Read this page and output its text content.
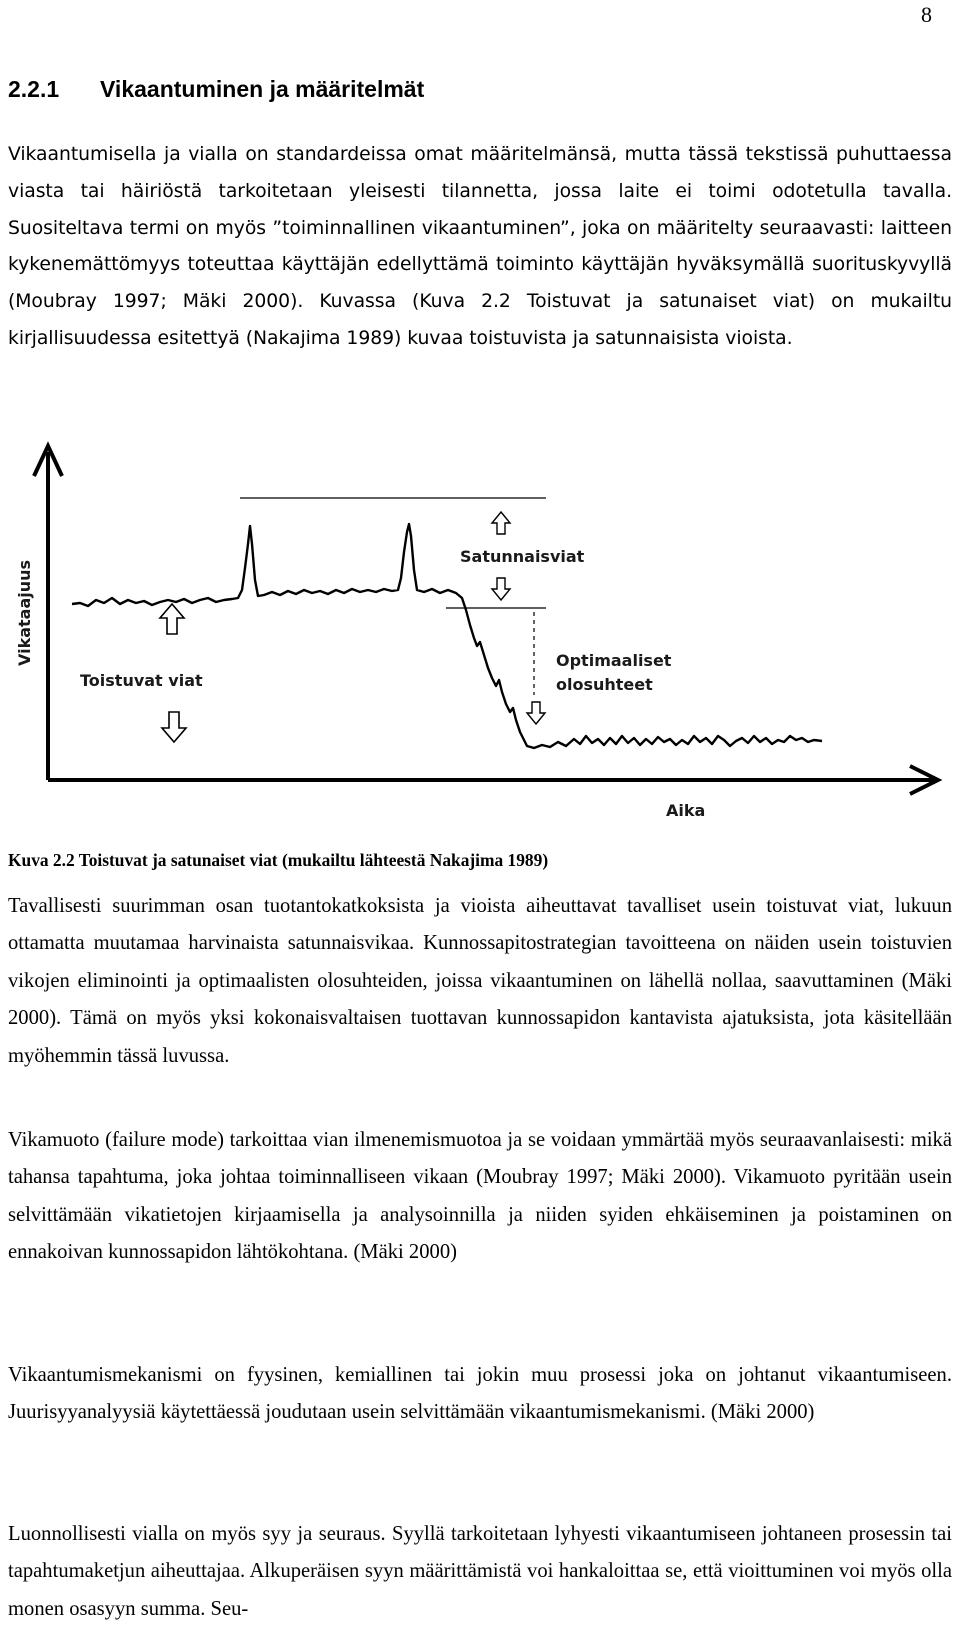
8
2.2.1 Vikaantuminen ja määritelmät

Vikaantumisella ja vialla on standardeissa omat määritelmänsä, mutta tässä tekstissä puhuttaessa viasta tai häiriöstä tarkoitetaan yleisesti tilannetta, jossa laite ei toimi odotetulla tavalla. Suositeltava termi on myös ”toiminnallinen vikaantuminen”, joka on määritelty seuraavasti: laitteen kykenemättömyys toteuttaa käyttäjän edellyttämä toiminto käyttäjän hyväksymällä suorituskyvyllä (Moubray 1997; Mäki 2000). Kuvassa (Kuva 2.2 Toistuvat ja satunaiset viat) on mukailtu kirjallisuudessa esitettyä (Nakajima 1989) kuvaa toistuvista ja satunnaisista vioista.

Vikataajuus
Aika
Toistuvat viat
Satunnaisviat
Optimaaliset
olosuhteet

Kuva 2.2 Toistuvat ja satunaiset viat (mukailtu lähteestä Nakajima 1989)

Tavallisesti suurimman osan tuotantokatkoksista ja vioista aiheuttavat tavalliset usein toistuvat viat, lukuun ottamatta muutamaa harvinaista satunnaisvikaa. Kunnossapitostrategian tavoitteena on näiden usein toistuvien vikojen eliminointi ja optimaalisten olosuhteiden, joissa vikaantuminen on lähellä nollaa, saavuttaminen (Mäki 2000). Tämä on myös yksi kokonaisvaltaisen tuottavan kunnossapidon kantavista ajatuksista, jota käsitellään myöhemmin tässä luvussa.

Vikamuoto (failure mode) tarkoittaa vian ilmenemismuotoa ja se voidaan ymmärtää myös seuraavanlaisesti: mikä tahansa tapahtuma, joka johtaa toiminnalliseen vikaan (Moubray 1997; Mäki 2000). Vikamuoto pyritään usein selvittämään vikatietojen kirjaamisella ja analysoinnilla ja niiden syiden ehkäiseminen ja poistaminen on ennakoivan kunnossapidon lähtökohtana. (Mäki 2000)

Vikaantumismekanismi on fyysinen, kemiallinen tai jokin muu prosessi joka on johtanut vikaantumiseen. Juurisyyanalyysiä käytettäessä joudutaan usein selvittämään vikaantumismekanismi. (Mäki 2000)

Luonnollisesti vialla on myös syy ja seuraus. Syyllä tarkoitetaan lyhyesti vikaantumiseen johtaneen prosessin tai tapahtumaketjun aiheuttajaa. Alkuperäisen syyn määrittämistä voi hankaloittaa se, että vioittuminen voi myös olla monen osasyyn summa. Seu-
